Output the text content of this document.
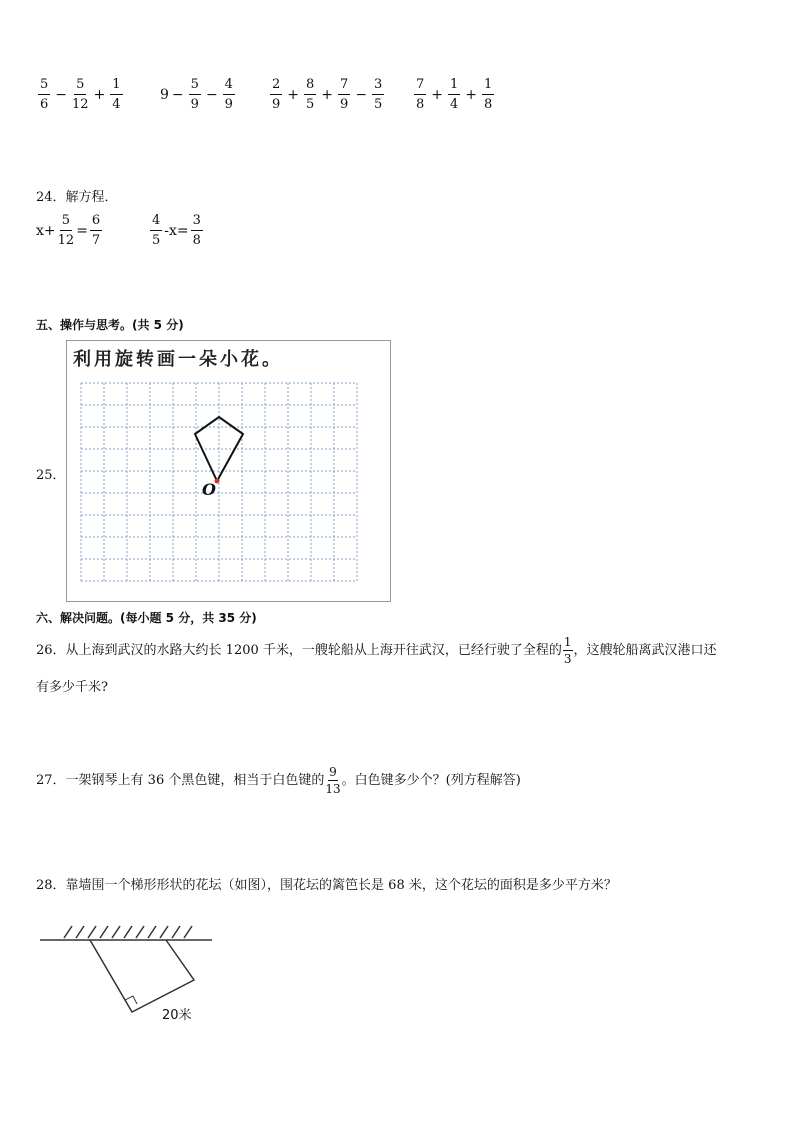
$\frac{5}{6} - \frac{5}{12} + \frac{1}{4}$	$9 - \frac{5}{9} - \frac{4}{9}$	$\frac{2}{9} + \frac{8}{5} + \frac{7}{9} - \frac{3}{5} \frac{7}{8} + \frac{1}{4} + \frac{1}{8}$
24．解方程．
$x+ \frac{5}{12} = \frac{6}{7}$	$\frac{4}{5} -x= \frac{3}{8}$
五、操作与思考。(共 5 分)
25．
利用旋转画一朵小花。
O
六、解决问题。(每小题 5 分，共 35 分)
26．从上海到武汉的水路大约长 1200 千米，一艘轮船从上海开往武汉，已经行驶了全程的 $\frac{1}{3}$ ，这艘轮船离武汉港口还
有多少千米?
27．一架钢琴上有 36 个黑色键，相当于白色键的 $\frac{9}{13}$ 。白色键多少个？(列方程解答)
28．靠墙围一个梯形形状的花坛（如图），围花坛的篱笆长是 68 米，这个花坛的面积是多少平方米？
20米
